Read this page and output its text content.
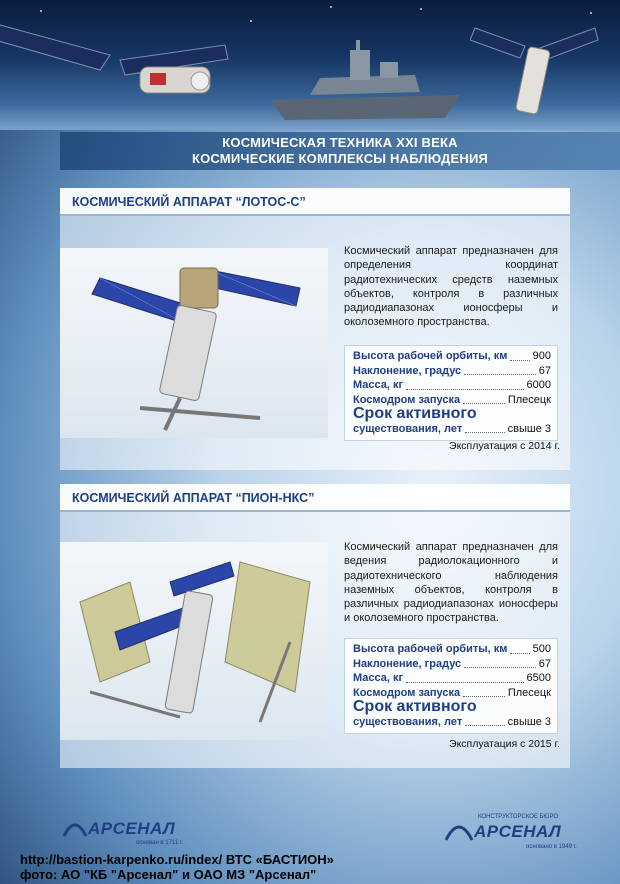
КОСМИЧЕСКАЯ ТЕХНИКА XXI ВЕКА
КОСМИЧЕСКИЕ КОМПЛЕКСЫ НАБЛЮДЕНИЯ
КОСМИЧЕСКИЙ АППАРАТ “ЛОТОС-С”
Космический аппарат предназначен для определения координат радиотехнических средств наземных объектов, контроля в различных радиодиапазонах ионосферы и околоземного пространства.
Высота рабочей орбиты, км 900
Наклонение, градус	67
Масса, кг	6000
Космодром запуска	Плесецк
Срок активного
существования, лет	свыше 3
Эксплуатация с 2014 г.
КОСМИЧЕСКИЙ АППАРАТ “ПИОН-НКС”
Космический аппарат предназначен для ведения радиолокационного и радиотехнического наблюдения наземных объектов, контроля в различных радиодиапазонах ионосферы и околоземного пространства.
Высота рабочей орбиты, км 500
Наклонение, градус	67
Масса, кг	6500
Космодром запуска	Плесецк
Срок активного
существования, лет	свыше 3
Эксплуатация с 2015 г.
АРСЕНАЛ
основан в 1711 г.
КОНСТРУКТОРСКОЕ БЮРО
АРСЕНАЛ
основано в 1949 г.
http://bastion-karpenko.ru/index/ ВТС «БАСТИОН»
фото: АО "КБ "Арсенал" и ОАО МЗ "Арсенал"
